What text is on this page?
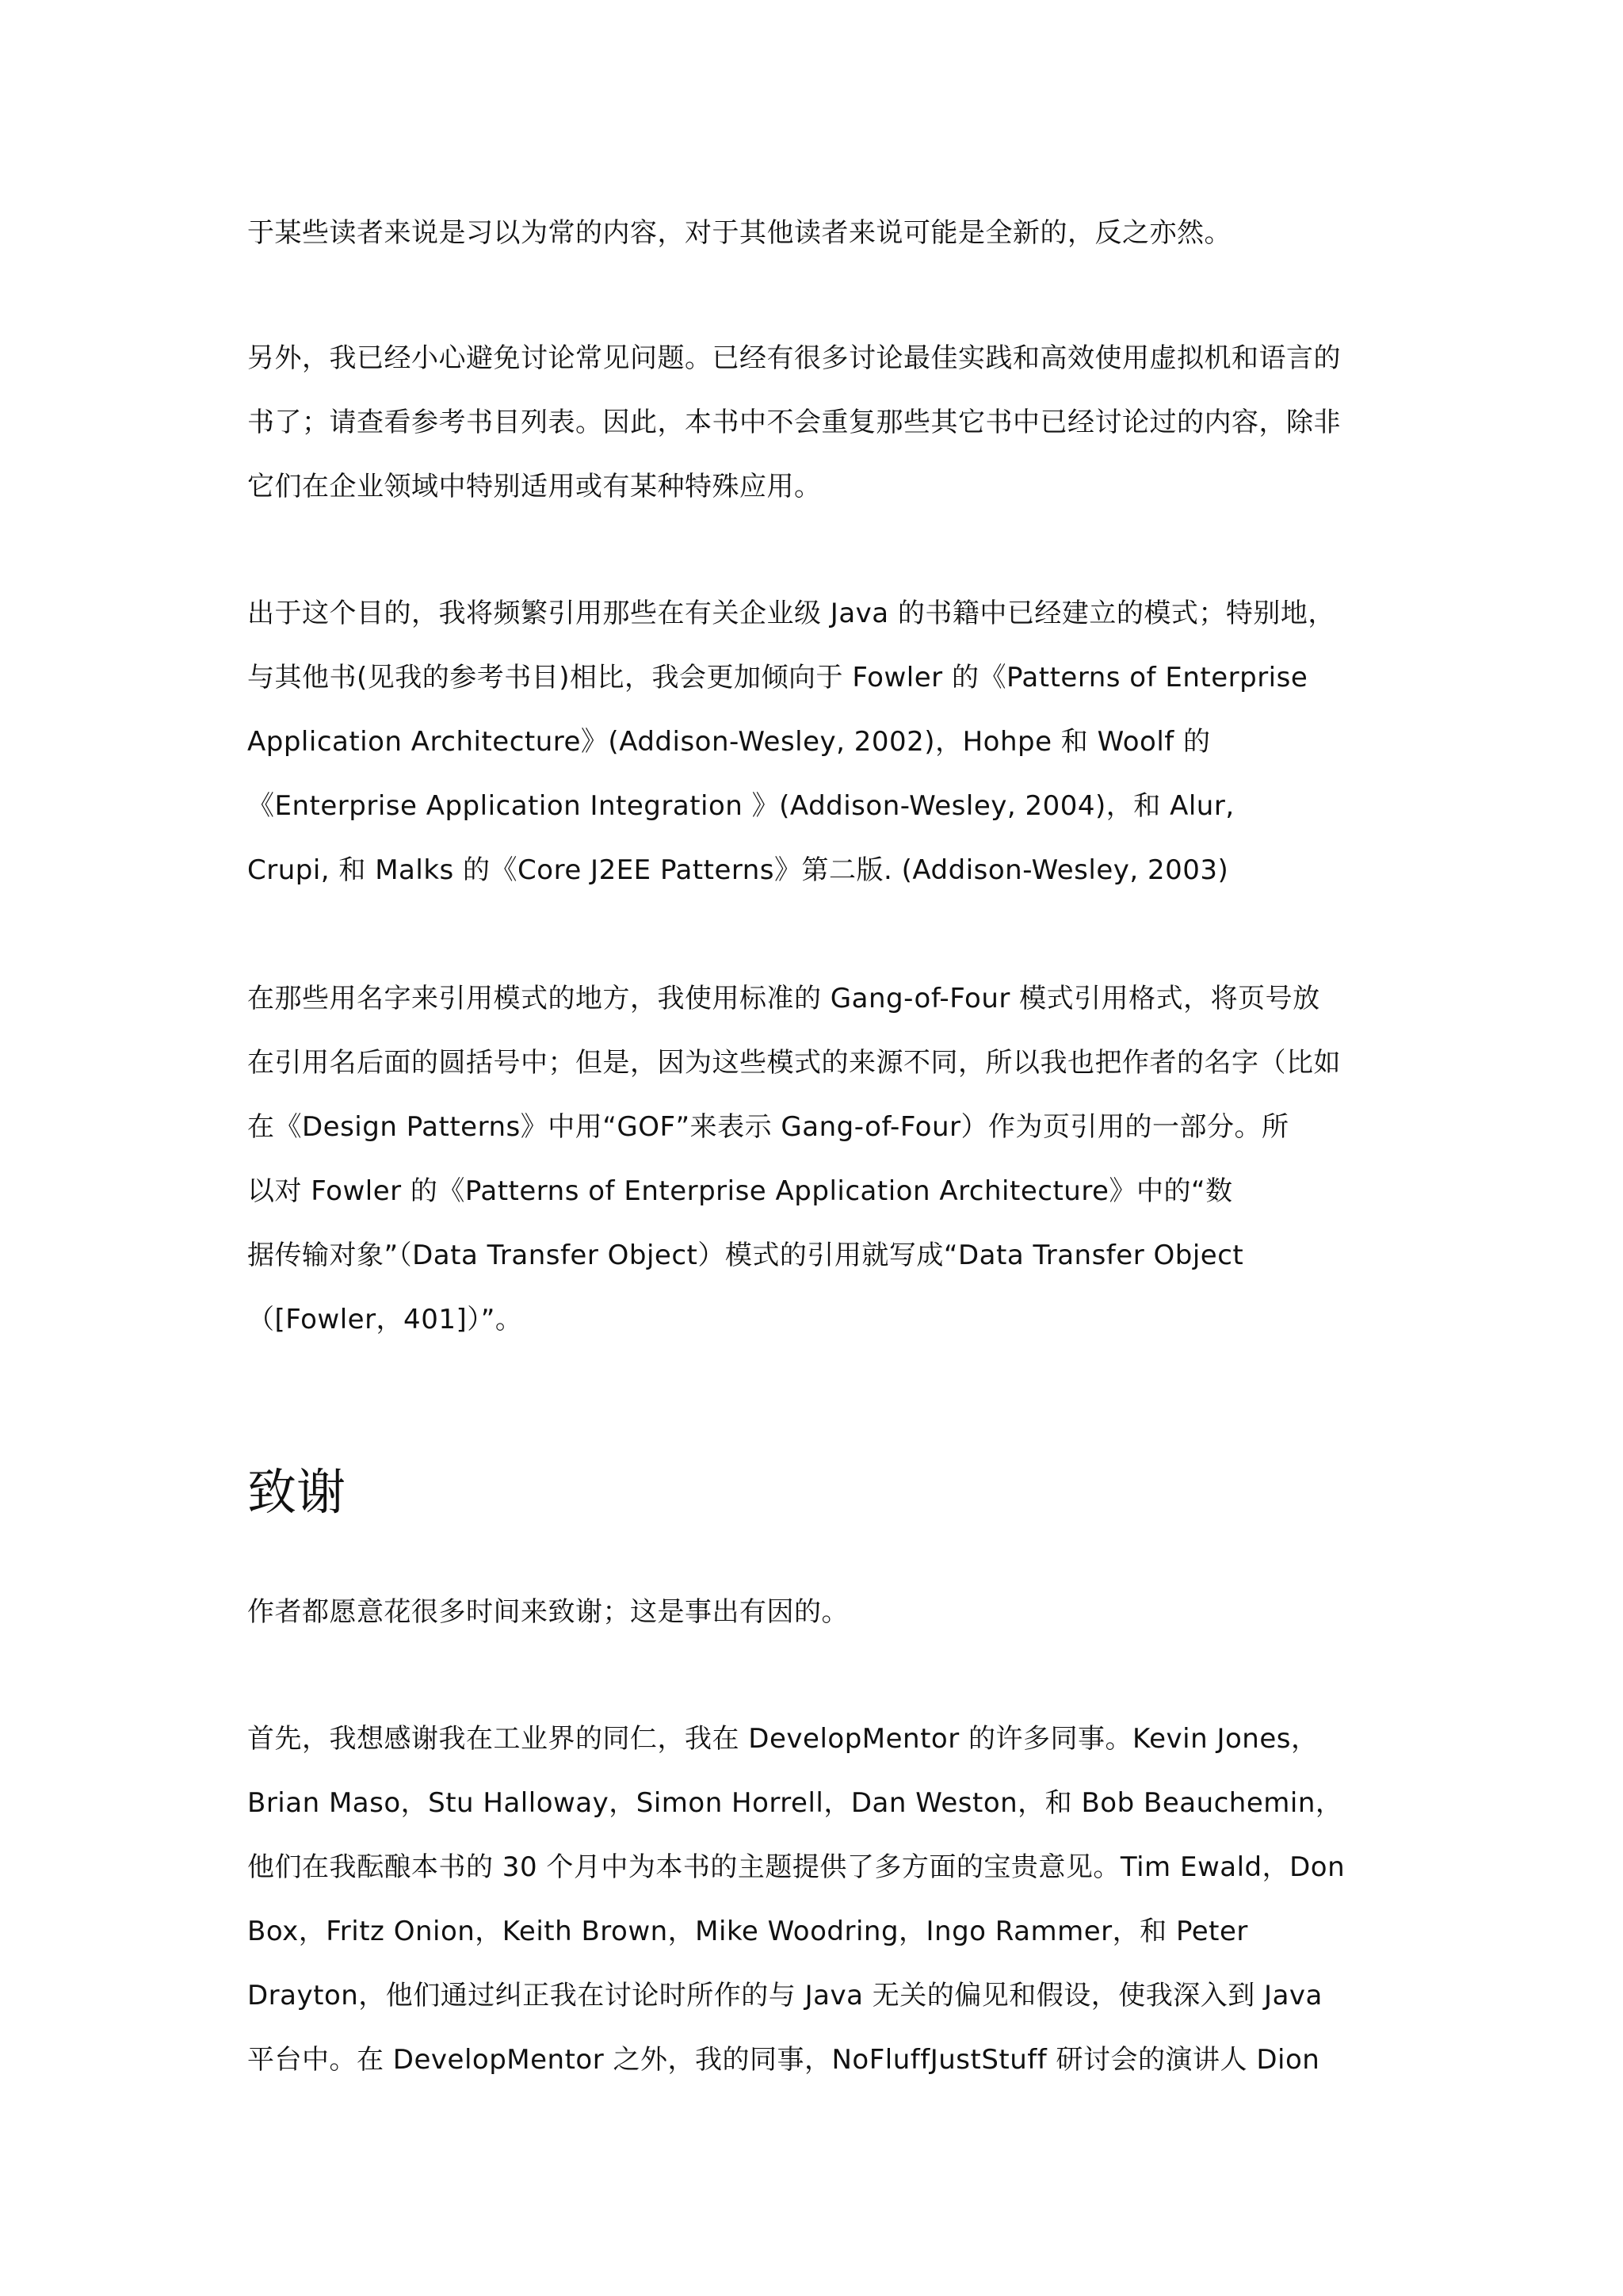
于某些读者来说是习以为常的内容，对于其他读者来说可能是全新的，反之亦然。
另外，我已经小心避免讨论常见问题。已经有很多讨论最佳实践和高效使用虚拟机和语言的
书了；请查看参考书目列表。因此，本书中不会重复那些其它书中已经讨论过的内容，除非
它们在企业领域中特别适用或有某种特殊应用。
出于这个目的，我将频繁引用那些在有关企业级 Java 的书籍中已经建立的模式；特别地，
与其他书(见我的参考书目)相比，我会更加倾向于 Fowler 的《Patterns of Enterprise
Application Architecture》(Addison-Wesley, 2002)，Hohpe 和 Woolf 的
《Enterprise Application Integration 》(Addison-Wesley, 2004)，和 Alur,
Crupi, 和 Malks 的《Core J2EE Patterns》第二版. (Addison-Wesley, 2003)
在那些用名字来引用模式的地方，我使用标准的 Gang-of-Four 模式引用格式，将页号放
在引用名后面的圆括号中；但是，因为这些模式的来源不同，所以我也把作者的名字（比如
在《Design Patterns》中用“GOF”来表示 Gang-of-Four）作为页引用的一部分。所
以对 Fowler 的《Patterns of Enterprise Application Architecture》中的“数
据传输对象”（Data Transfer Object）模式的引用就写成“Data Transfer Object
（[Fowler，401]）”。
致谢
作者都愿意花很多时间来致谢；这是事出有因的。
首先，我想感谢我在工业界的同仁，我在 DevelopMentor 的许多同事。Kevin Jones，
Brian Maso，Stu Halloway，Simon Horrell，Dan Weston，和 Bob Beauchemin，
他们在我酝酿本书的 30 个月中为本书的主题提供了多方面的宝贵意见。Tim Ewald，Don
Box，Fritz Onion，Keith Brown，Mike Woodring，Ingo Rammer，和 Peter
Drayton，他们通过纠正我在讨论时所作的与 Java 无关的偏见和假设，使我深入到 Java
平台中。在 DevelopMentor 之外，我的同事，NoFluffJustStuff 研讨会的演讲人 Dion
